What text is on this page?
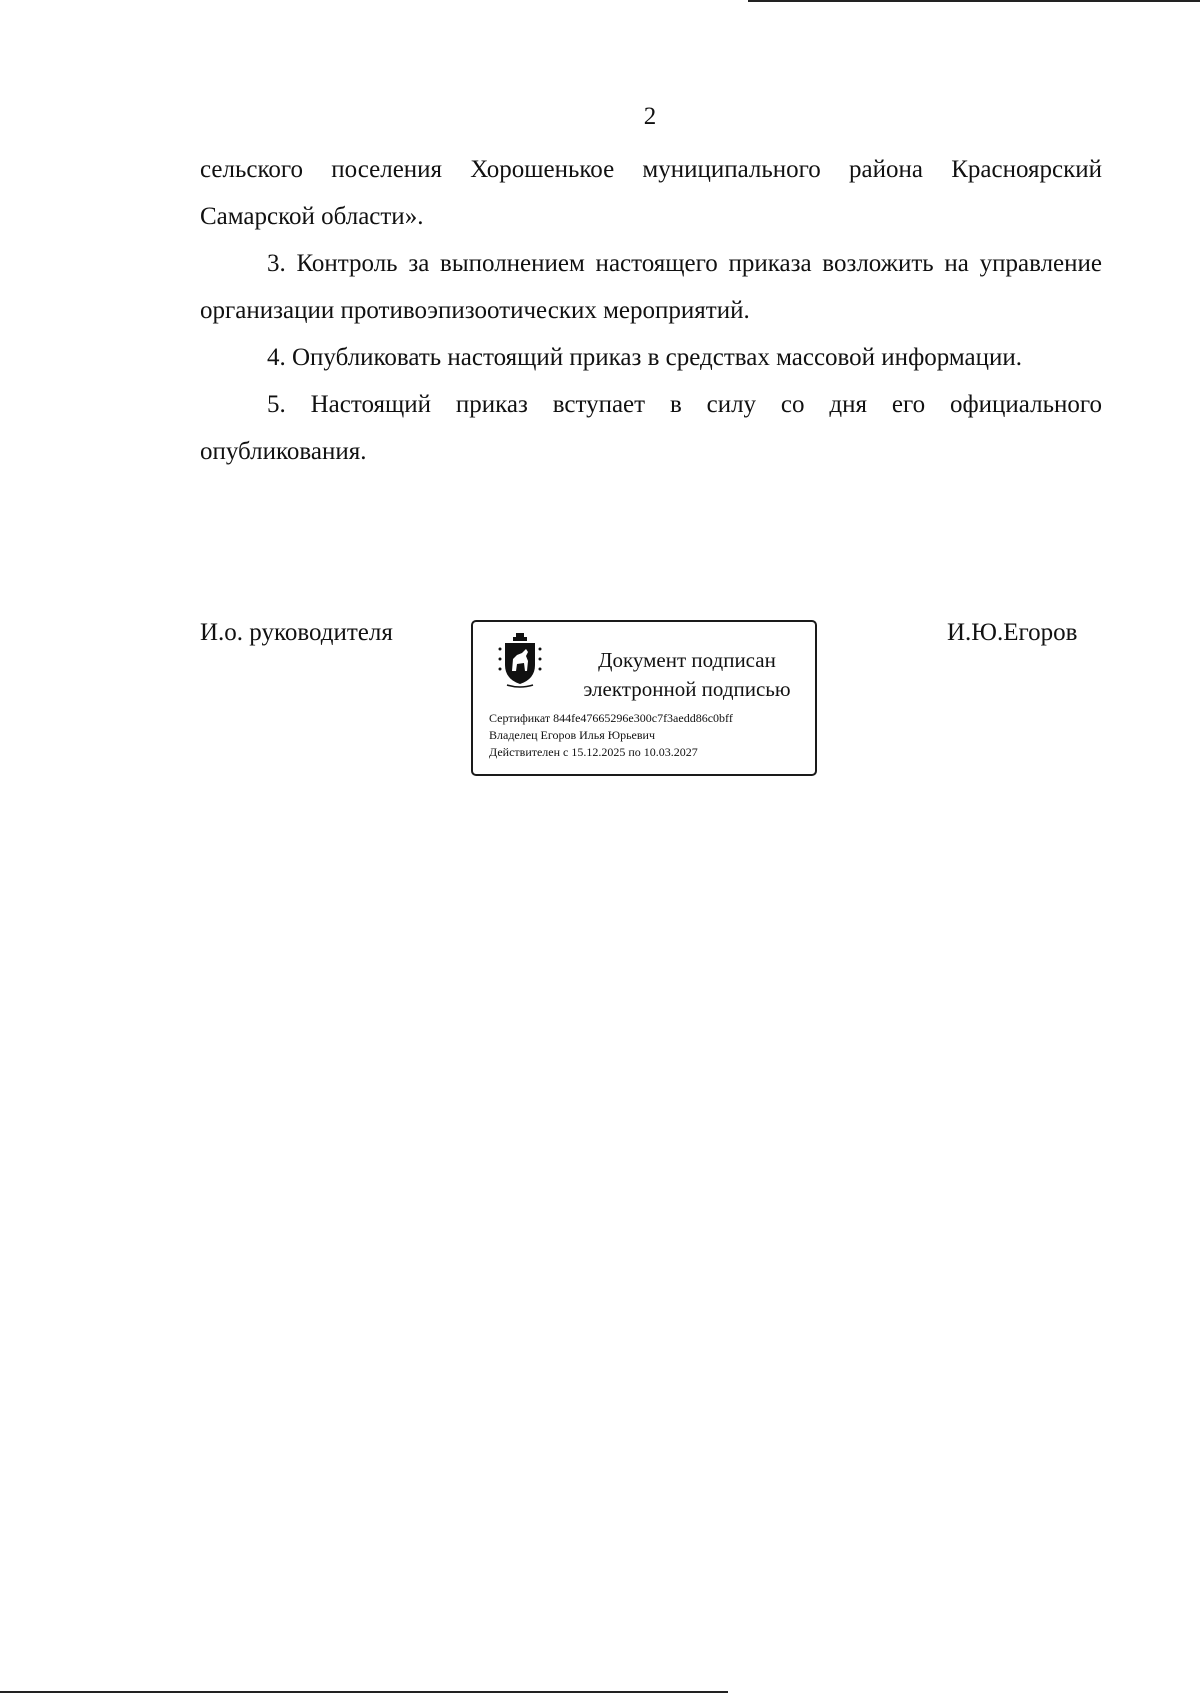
2

сельского поселения Хорошенькое муниципального района Красноярский Самарской области».

3. Контроль за выполнением настоящего приказа возложить на управление организации противоэпизоотических мероприятий.

4. Опубликовать настоящий приказ в средствах массовой информации.

5. Настоящий приказ вступает в силу со дня его официального опубликования.

И.о. руководителя
Документ подписан
электронной подписью
Сертификат 844fe47665296e300c7f3aedd86c0bff
Владелец Егоров Илья Юрьевич
Действителен с 15.12.2025 по 10.03.2027
И.Ю.Егоров
